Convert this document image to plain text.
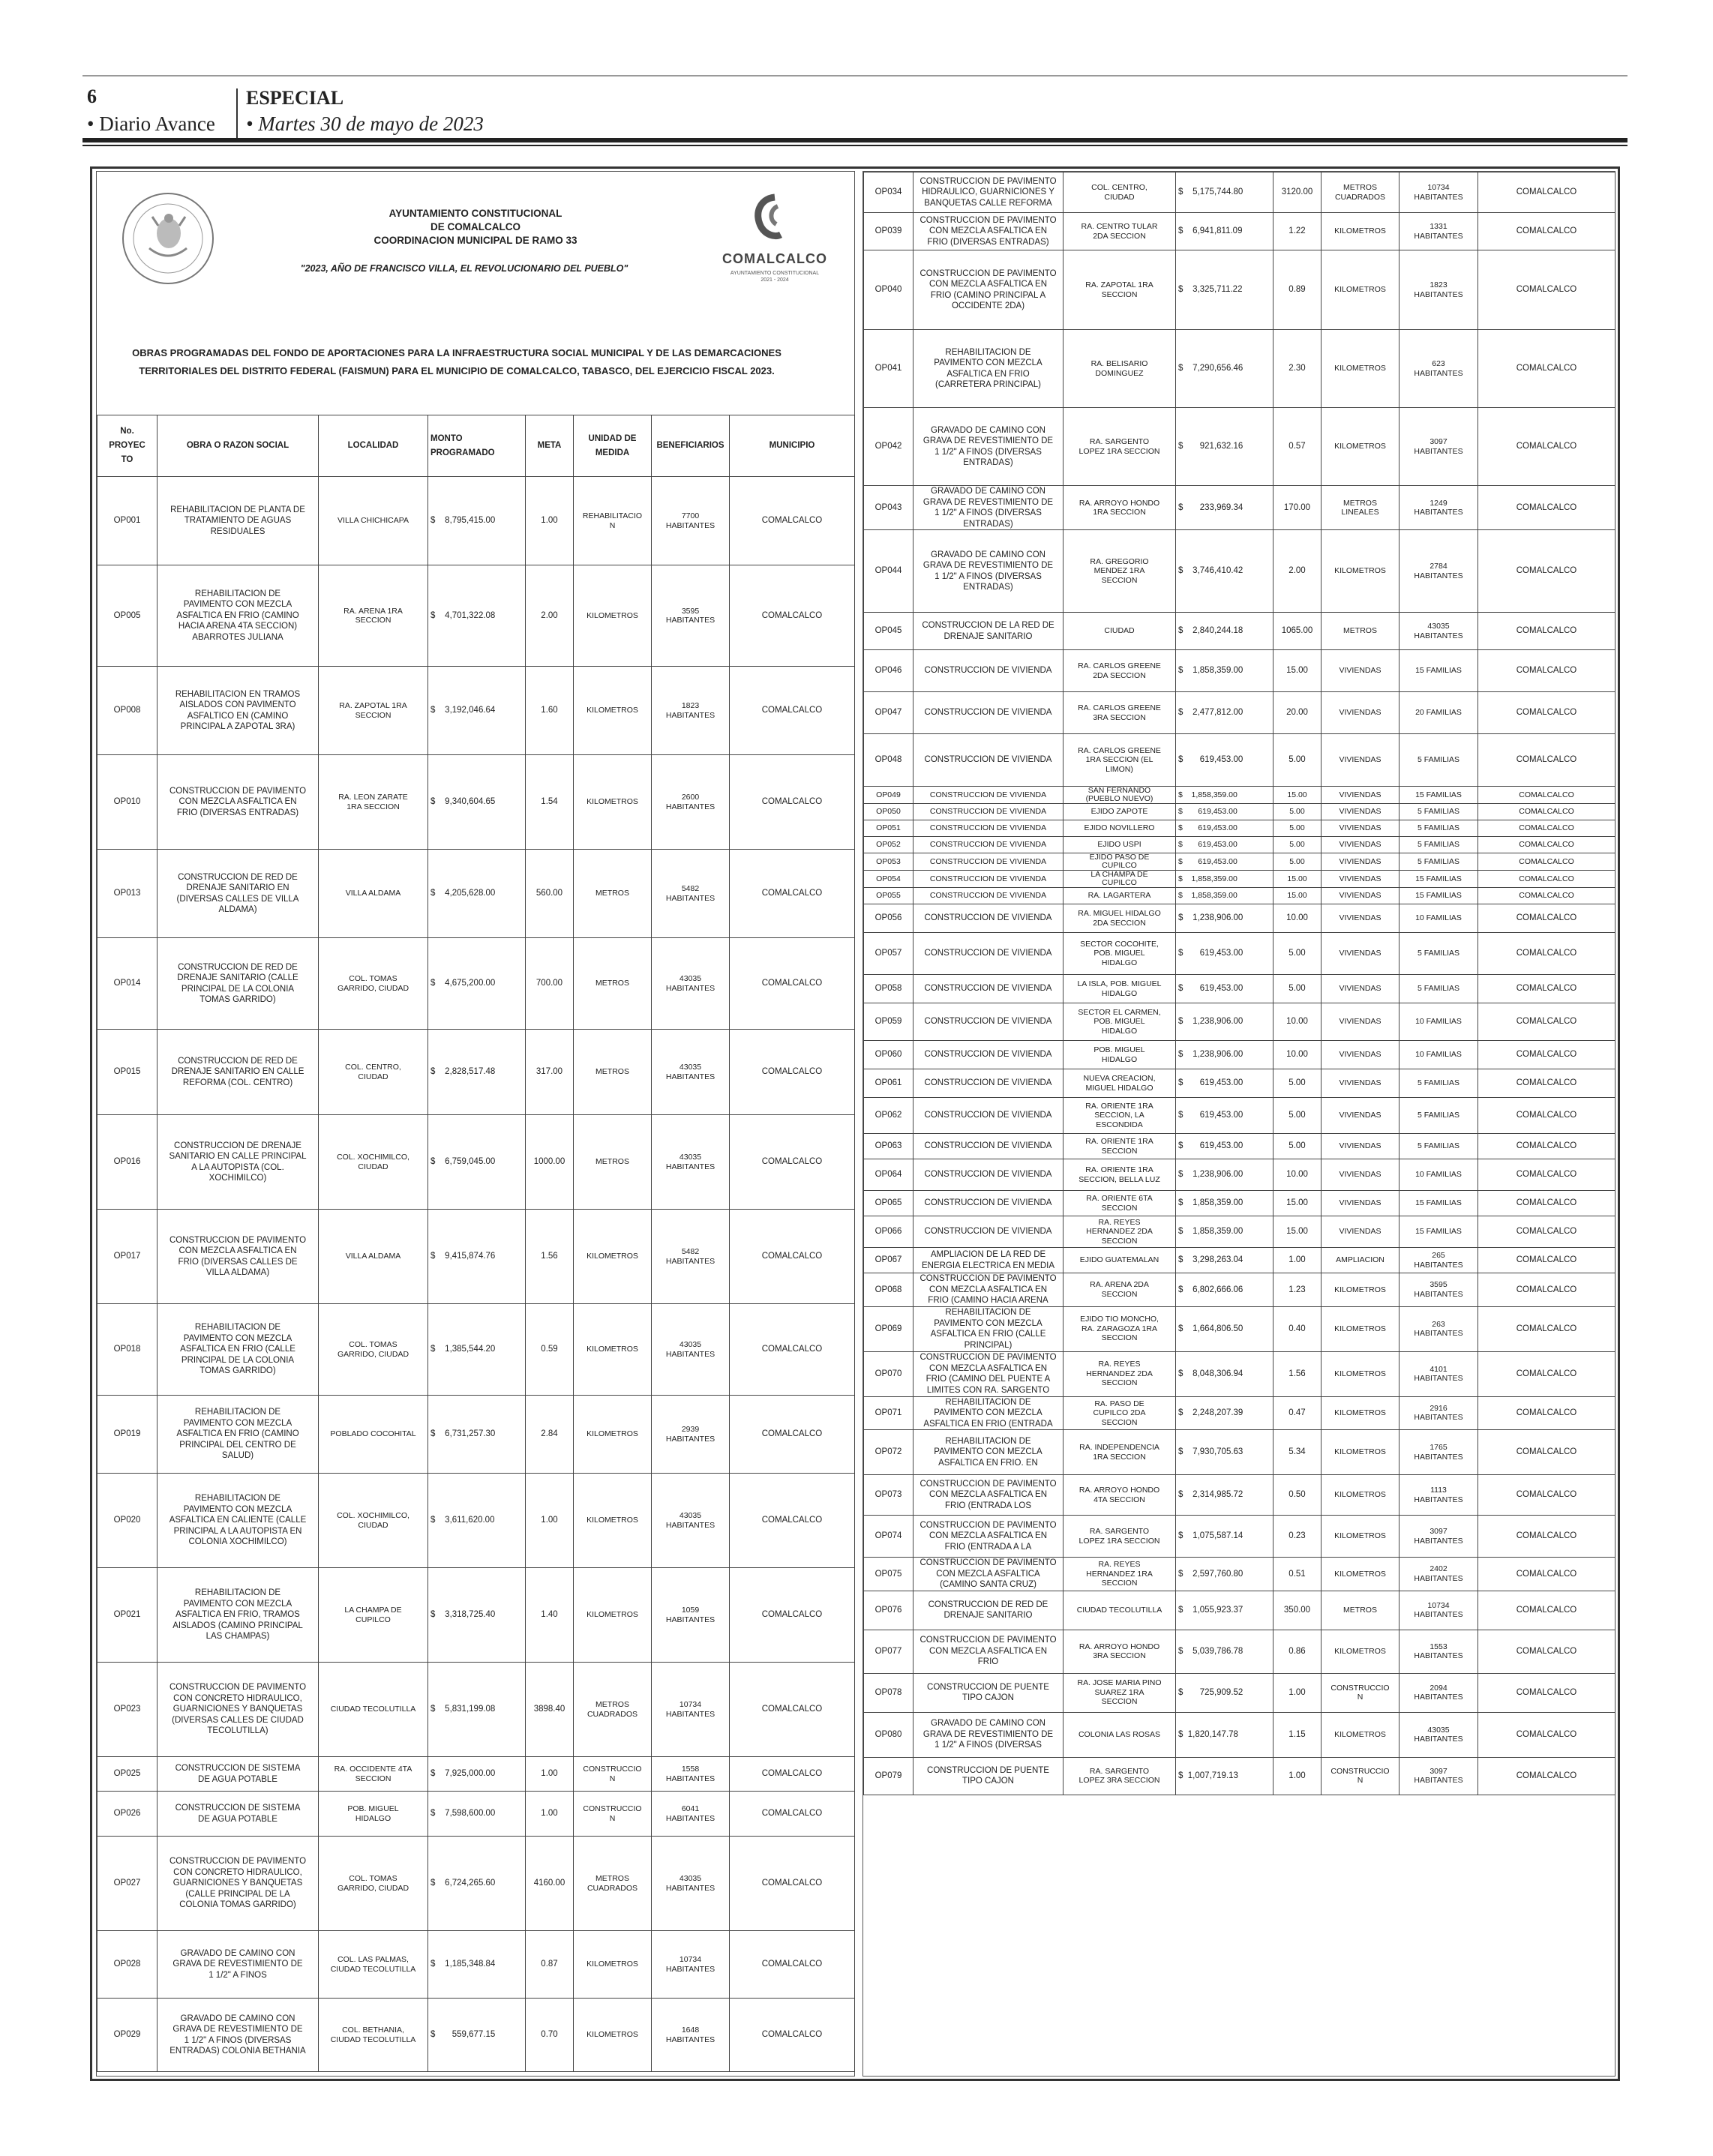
6
• Diario Avance
ESPECIAL
• Martes 30 de mayo de 2023
AYUNTAMIENTO CONSTITUCIONAL
DE COMALCALCO
COORDINACION MUNICIPAL DE RAMO 33
"2023, AÑO DE FRANCISCO VILLA, EL REVOLUCIONARIO DEL PUEBLO"
COMALCALCO
AYUNTAMIENTO CONSTITUCIONAL
2021 - 2024
OBRAS PROGRAMADAS DEL FONDO DE APORTACIONES PARA LA INFRAESTRUCTURA SOCIAL MUNICIPAL Y DE LAS DEMARCACIONES
TERRITORIALES DEL DISTRITO FEDERAL (FAISMUN) PARA EL MUNICIPIO DE COMALCALCO, TABASCO, DEL EJERCICIO FISCAL 2023.
No.
PROYEC
TO	OBRA O RAZON SOCIAL	LOCALIDAD	MONTO
PROGRAMADO	META	UNIDAD DE
MEDIDA	BENEFICIARIOS	MUNICIPIO
OP001	REHABILITACION DE PLANTA DE
TRATAMIENTO DE AGUAS
RESIDUALES	VILLA CHICHICAPA	$    8,795,415.00	1.00	REHABILITACIO
N	7700
HABITANTES	COMALCALCO
OP005	REHABILITACION DE
PAVIMENTO CON MEZCLA
ASFALTICA EN FRIO (CAMINO
HACIA ARENA 4TA SECCION)
ABARROTES JULIANA	RA. ARENA 1RA
SECCION	$    4,701,322.08	2.00	KILOMETROS	3595
HABITANTES	COMALCALCO
OP008	REHABILITACION EN TRAMOS
AISLADOS CON PAVIMENTO
ASFALTICO EN (CAMINO
PRINCIPAL A ZAPOTAL 3RA)	RA. ZAPOTAL 1RA
SECCION	$    3,192,046.64	1.60	KILOMETROS	1823
HABITANTES	COMALCALCO
OP010	CONSTRUCCION DE PAVIMENTO
CON MEZCLA ASFALTICA EN
FRIO (DIVERSAS ENTRADAS)	RA. LEON ZARATE
1RA SECCION	$    9,340,604.65	1.54	KILOMETROS	2600
HABITANTES	COMALCALCO
OP013	CONSTRUCCION DE RED DE
DRENAJE SANITARIO EN
(DIVERSAS CALLES DE VILLA
ALDAMA)	VILLA ALDAMA	$    4,205,628.00	560.00	METROS	5482
HABITANTES	COMALCALCO
OP014	CONSTRUCCION DE RED DE
DRENAJE SANITARIO (CALLE
PRINCIPAL DE LA COLONIA
TOMAS GARRIDO)	COL. TOMAS
GARRIDO, CIUDAD	$    4,675,200.00	700.00	METROS	43035
HABITANTES	COMALCALCO
OP015	CONSTRUCCION DE RED DE
DRENAJE SANITARIO EN CALLE
REFORMA (COL. CENTRO)	COL. CENTRO,
CIUDAD	$    2,828,517.48	317.00	METROS	43035
HABITANTES	COMALCALCO
OP016	CONSTRUCCION DE DRENAJE
SANITARIO EN CALLE PRINCIPAL
A LA AUTOPISTA (COL.
XOCHIMILCO)	COL. XOCHIMILCO,
CIUDAD	$    6,759,045.00	1000.00	METROS	43035
HABITANTES	COMALCALCO
OP017	CONSTRUCCION DE PAVIMENTO
CON MEZCLA ASFALTICA EN
FRIO (DIVERSAS CALLES DE
VILLA ALDAMA)	VILLA ALDAMA	$    9,415,874.76	1.56	KILOMETROS	5482
HABITANTES	COMALCALCO
OP018	REHABILITACION DE
PAVIMENTO CON MEZCLA
ASFALTICA EN FRIO (CALLE
PRINCIPAL DE LA COLONIA
TOMAS GARRIDO)	COL. TOMAS
GARRIDO, CIUDAD	$    1,385,544.20	0.59	KILOMETROS	43035
HABITANTES	COMALCALCO
OP019	REHABILITACION DE
PAVIMENTO CON MEZCLA
ASFALTICA EN FRIO (CAMINO
PRINCIPAL DEL CENTRO DE
SALUD)	POBLADO COCOHITAL	$    6,731,257.30	2.84	KILOMETROS	2939
HABITANTES	COMALCALCO
OP020	REHABILITACION DE
PAVIMENTO CON MEZCLA
ASFALTICA EN CALIENTE (CALLE
PRINCIPAL A LA AUTOPISTA EN
COLONIA XOCHIMILCO)	COL. XOCHIMILCO,
CIUDAD	$    3,611,620.00	1.00	KILOMETROS	43035
HABITANTES	COMALCALCO
OP021	REHABILITACION DE
PAVIMENTO CON MEZCLA
ASFALTICA EN FRIO, TRAMOS
AISLADOS (CAMINO PRINCIPAL
LAS CHAMPAS)	LA CHAMPA DE
CUPILCO	$    3,318,725.40	1.40	KILOMETROS	1059
HABITANTES	COMALCALCO
OP023	CONSTRUCCION DE PAVIMENTO
CON CONCRETO HIDRAULICO,
GUARNICIONES Y BANQUETAS
(DIVERSAS CALLES DE CIUDAD
TECOLUTILLA)	CIUDAD TECOLUTILLA	$    5,831,199.08	3898.40	METROS
CUADRADOS	10734
HABITANTES	COMALCALCO
OP025	CONSTRUCCION DE SISTEMA
DE AGUA POTABLE	RA. OCCIDENTE 4TA
SECCION	$    7,925,000.00	1.00	CONSTRUCCIO
N	1558
HABITANTES	COMALCALCO
OP026	CONSTRUCCION DE SISTEMA
DE AGUA POTABLE	POB. MIGUEL
HIDALGO	$    7,598,600.00	1.00	CONSTRUCCIO
N	6041
HABITANTES	COMALCALCO
OP027	CONSTRUCCION DE PAVIMENTO
CON CONCRETO HIDRAULICO,
GUARNICIONES Y BANQUETAS
(CALLE PRINCIPAL DE LA
COLONIA TOMAS GARRIDO)	COL. TOMAS
GARRIDO, CIUDAD	$    6,724,265.60	4160.00	METROS
CUADRADOS	43035
HABITANTES	COMALCALCO
OP028	GRAVADO DE CAMINO CON
GRAVA DE REVESTIMIENTO DE
1 1/2" A FINOS	COL. LAS PALMAS,
CIUDAD TECOLUTILLA	$    1,185,348.84	0.87	KILOMETROS	10734
HABITANTES	COMALCALCO
OP029	GRAVADO DE CAMINO CON
GRAVA DE REVESTIMIENTO DE
1 1/2" A FINOS (DIVERSAS
ENTRADAS) COLONIA BETHANIA	COL. BETHANIA,
CIUDAD TECOLUTILLA	$       559,677.15	0.70	KILOMETROS	1648
HABITANTES	COMALCALCO
OP034	CONSTRUCCION DE PAVIMENTO
HIDRAULICO, GUARNICIONES Y
BANQUETAS CALLE REFORMA	COL. CENTRO,
CIUDAD	$    5,175,744.80	3120.00	METROS
CUADRADOS	10734
HABITANTES	COMALCALCO
OP039	CONSTRUCCION DE PAVIMENTO
CON MEZCLA ASFALTICA EN
FRIO (DIVERSAS ENTRADAS)	RA. CENTRO TULAR
2DA SECCION	$    6,941,811.09	1.22	KILOMETROS	1331
HABITANTES	COMALCALCO
OP040	CONSTRUCCION DE PAVIMENTO
CON MEZCLA ASFALTICA EN
FRIO (CAMINO PRINCIPAL A
OCCIDENTE 2DA)	RA. ZAPOTAL 1RA
SECCION	$    3,325,711.22	0.89	KILOMETROS	1823
HABITANTES	COMALCALCO
OP041	REHABILITACION DE
PAVIMENTO CON MEZCLA
ASFALTICA EN FRIO
(CARRETERA PRINCIPAL)	RA. BELISARIO
DOMINGUEZ	$    7,290,656.46	2.30	KILOMETROS	623
HABITANTES	COMALCALCO
OP042	GRAVADO DE CAMINO CON
GRAVA DE REVESTIMIENTO DE
1 1/2" A FINOS (DIVERSAS
ENTRADAS)	RA. SARGENTO
LOPEZ 1RA SECCION	$       921,632.16	0.57	KILOMETROS	3097
HABITANTES	COMALCALCO
OP043	GRAVADO DE CAMINO CON
GRAVA DE REVESTIMIENTO DE
1 1/2" A FINOS (DIVERSAS
ENTRADAS)	RA. ARROYO HONDO
1RA SECCION	$       233,969.34	170.00	METROS
LINEALES	1249
HABITANTES	COMALCALCO
OP044	GRAVADO DE CAMINO CON
GRAVA DE REVESTIMIENTO DE
1 1/2" A FINOS (DIVERSAS
ENTRADAS)	RA. GREGORIO
MENDEZ 1RA
SECCION	$    3,746,410.42	2.00	KILOMETROS	2784
HABITANTES	COMALCALCO
OP045	CONSTRUCCION DE LA RED DE
DRENAJE SANITARIO	CIUDAD	$    2,840,244.18	1065.00	METROS	43035
HABITANTES	COMALCALCO
OP046	CONSTRUCCION DE VIVIENDA	RA. CARLOS GREENE
2DA SECCION	$    1,858,359.00	15.00	VIVIENDAS	15 FAMILIAS	COMALCALCO
OP047	CONSTRUCCION DE VIVIENDA	RA. CARLOS GREENE
3RA SECCION	$    2,477,812.00	20.00	VIVIENDAS	20 FAMILIAS	COMALCALCO
OP048	CONSTRUCCION DE VIVIENDA	RA. CARLOS GREENE
1RA SECCION (EL
LIMON)	$       619,453.00	5.00	VIVIENDAS	5 FAMILIAS	COMALCALCO
OP049	CONSTRUCCION DE VIVIENDA	SAN FERNANDO
(PUEBLO NUEVO)	$    1,858,359.00	15.00	VIVIENDAS	15 FAMILIAS	COMALCALCO
OP050	CONSTRUCCION DE VIVIENDA	EJIDO ZAPOTE	$       619,453.00	5.00	VIVIENDAS	5 FAMILIAS	COMALCALCO
OP051	CONSTRUCCION DE VIVIENDA	EJIDO NOVILLERO	$       619,453.00	5.00	VIVIENDAS	5 FAMILIAS	COMALCALCO
OP052	CONSTRUCCION DE VIVIENDA	EJIDO USPI	$       619,453.00	5.00	VIVIENDAS	5 FAMILIAS	COMALCALCO
OP053	CONSTRUCCION DE VIVIENDA	EJIDO PASO DE
CUPILCO	$       619,453.00	5.00	VIVIENDAS	5 FAMILIAS	COMALCALCO
OP054	CONSTRUCCION DE VIVIENDA	LA CHAMPA DE
CUPILCO	$    1,858,359.00	15.00	VIVIENDAS	15 FAMILIAS	COMALCALCO
OP055	CONSTRUCCION DE VIVIENDA	RA. LAGARTERA	$    1,858,359.00	15.00	VIVIENDAS	15 FAMILIAS	COMALCALCO
OP056	CONSTRUCCION DE VIVIENDA	RA. MIGUEL HIDALGO
2DA SECCION	$    1,238,906.00	10.00	VIVIENDAS	10 FAMILIAS	COMALCALCO
OP057	CONSTRUCCION DE VIVIENDA	SECTOR COCOHITE,
POB. MIGUEL
HIDALGO	$       619,453.00	5.00	VIVIENDAS	5 FAMILIAS	COMALCALCO
OP058	CONSTRUCCION DE VIVIENDA	LA ISLA, POB. MIGUEL
HIDALGO	$       619,453.00	5.00	VIVIENDAS	5 FAMILIAS	COMALCALCO
OP059	CONSTRUCCION DE VIVIENDA	SECTOR EL CARMEN,
POB. MIGUEL
HIDALGO	$    1,238,906.00	10.00	VIVIENDAS	10 FAMILIAS	COMALCALCO
OP060	CONSTRUCCION DE VIVIENDA	POB. MIGUEL
HIDALGO	$    1,238,906.00	10.00	VIVIENDAS	10 FAMILIAS	COMALCALCO
OP061	CONSTRUCCION DE VIVIENDA	NUEVA CREACION,
MIGUEL HIDALGO	$       619,453.00	5.00	VIVIENDAS	5 FAMILIAS	COMALCALCO
OP062	CONSTRUCCION DE VIVIENDA	RA. ORIENTE 1RA
SECCION, LA
ESCONDIDA	$       619,453.00	5.00	VIVIENDAS	5 FAMILIAS	COMALCALCO
OP063	CONSTRUCCION DE VIVIENDA	RA. ORIENTE 1RA
SECCION	$       619,453.00	5.00	VIVIENDAS	5 FAMILIAS	COMALCALCO
OP064	CONSTRUCCION DE VIVIENDA	RA. ORIENTE 1RA
SECCION, BELLA LUZ	$    1,238,906.00	10.00	VIVIENDAS	10 FAMILIAS	COMALCALCO
OP065	CONSTRUCCION DE VIVIENDA	RA. ORIENTE 6TA
SECCION	$    1,858,359.00	15.00	VIVIENDAS	15 FAMILIAS	COMALCALCO
OP066	CONSTRUCCION DE VIVIENDA	RA. REYES
HERNANDEZ 2DA
SECCION	$    1,858,359.00	15.00	VIVIENDAS	15 FAMILIAS	COMALCALCO
OP067	AMPLIACION DE LA RED DE
ENERGIA ELECTRICA EN MEDIA	EJIDO GUATEMALAN	$    3,298,263.04	1.00	AMPLIACION	265
HABITANTES	COMALCALCO
OP068	CONSTRUCCION DE PAVIMENTO
CON MEZCLA ASFALTICA EN
FRIO (CAMINO HACIA ARENA	RA. ARENA 2DA
SECCION	$    6,802,666.06	1.23	KILOMETROS	3595
HABITANTES	COMALCALCO
OP069	REHABILITACION DE
PAVIMENTO CON MEZCLA
ASFALTICA EN FRIO (CALLE
PRINCIPAL)	EJIDO TIO MONCHO,
RA. ZARAGOZA 1RA
SECCION	$    1,664,806.50	0.40	KILOMETROS	263
HABITANTES	COMALCALCO
OP070	CONSTRUCCION DE PAVIMENTO
CON MEZCLA ASFALTICA EN
FRIO (CAMINO DEL PUENTE A
LIMITES CON RA. SARGENTO	RA. REYES
HERNANDEZ 2DA
SECCION	$    8,048,306.94	1.56	KILOMETROS	4101
HABITANTES	COMALCALCO
OP071	REHABILITACION DE
PAVIMENTO CON MEZCLA
ASFALTICA EN FRIO (ENTRADA	RA. PASO DE
CUPILCO 2DA
SECCION	$    2,248,207.39	0.47	KILOMETROS	2916
HABITANTES	COMALCALCO
OP072	REHABILITACION DE
PAVIMENTO CON MEZCLA
ASFALTICA EN FRIO. EN	RA. INDEPENDENCIA
1RA SECCION	$    7,930,705.63	5.34	KILOMETROS	1765
HABITANTES	COMALCALCO
OP073	CONSTRUCCION DE PAVIMENTO
CON MEZCLA ASFALTICA EN
FRIO (ENTRADA LOS	RA. ARROYO HONDO
4TA SECCION	$    2,314,985.72	0.50	KILOMETROS	1113
HABITANTES	COMALCALCO
OP074	CONSTRUCCION DE PAVIMENTO
CON MEZCLA ASFALTICA EN
FRIO (ENTRADA A LA	RA. SARGENTO
LOPEZ 1RA SECCION	$    1,075,587.14	0.23	KILOMETROS	3097
HABITANTES	COMALCALCO
OP075	CONSTRUCCION DE PAVIMENTO
CON MEZCLA ASFALTICA
(CAMINO SANTA CRUZ)	RA. REYES
HERNANDEZ 1RA
SECCION	$    2,597,760.80	0.51	KILOMETROS	2402
HABITANTES	COMALCALCO
OP076	CONSTRUCCION DE RED DE
DRENAJE SANITARIO	CIUDAD TECOLUTILLA	$    1,055,923.37	350.00	METROS	10734
HABITANTES	COMALCALCO
OP077	CONSTRUCCION DE PAVIMENTO
CON MEZCLA ASFALTICA EN
FRIO	RA. ARROYO HONDO
3RA SECCION	$    5,039,786.78	0.86	KILOMETROS	1553
HABITANTES	COMALCALCO
OP078	CONSTRUCCION DE PUENTE
TIPO CAJON	RA. JOSE MARIA PINO
SUAREZ 1RA
SECCION	$       725,909.52	1.00	CONSTRUCCIO
N	2094
HABITANTES	COMALCALCO
OP080	GRAVADO DE CAMINO CON
GRAVA DE REVESTIMIENTO DE
1 1/2" A FINOS (DIVERSAS	COLONIA LAS ROSAS	$  1,820,147.78	1.15	KILOMETROS	43035
HABITANTES	COMALCALCO
OP079	CONSTRUCCION DE PUENTE
TIPO CAJON	RA. SARGENTO
LOPEZ 3RA SECCION	$  1,007,719.13	1.00	CONSTRUCCIO
N	3097
HABITANTES	COMALCALCO
